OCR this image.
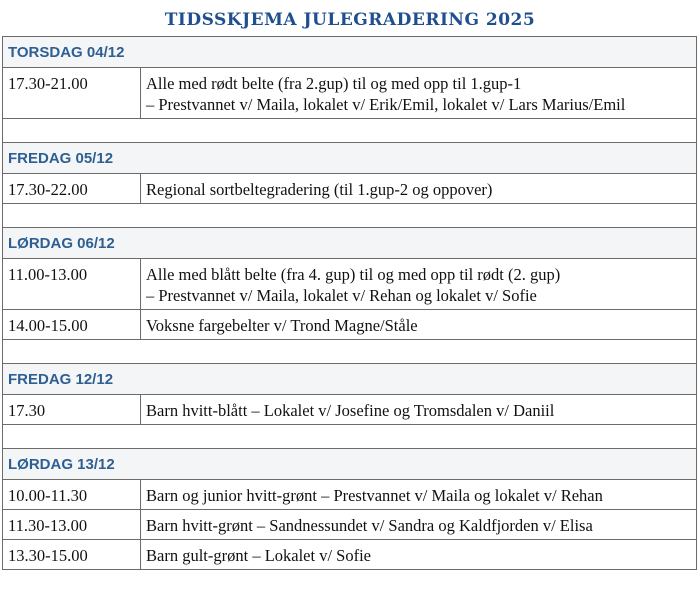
TIDSSKJEMA JULEGRADERING 2025
TORSDAG 04/12	
17.30-21.00	Alle med rødt belte (fra 2.gup) til og med opp til 1.gup-1
– Prestvannet v/ Maila, lokalet v/ Erik/Emil, lokalet v/ Lars Marius/Emil

FREDAG 05/12	
17.30-22.00	Regional sortbeltegradering (til 1.gup-2 og oppover)

LØRDAG 06/12	
11.00-13.00	Alle med blått belte (fra 4. gup) til og med opp til rødt (2. gup)
– Prestvannet v/ Maila, lokalet v/ Rehan og lokalet v/ Sofie

14.00-15.00	Voksne fargebelter v/ Trond Magne/Ståle

FREDAG 12/12	
17.30	Barn hvitt-blått – Lokalet v/ Josefine og Tromsdalen v/ Daniil

LØRDAG 13/12	
10.00-11.30	Barn og junior hvitt-grønt – Prestvannet v/ Maila og lokalet v/ Rehan

11.30-13.00	Barn hvitt-grønt – Sandnessundet v/ Sandra og Kaldfjorden v/ Elisa

13.30-15.00	Barn gult-grønt – Lokalet v/ Sofie
